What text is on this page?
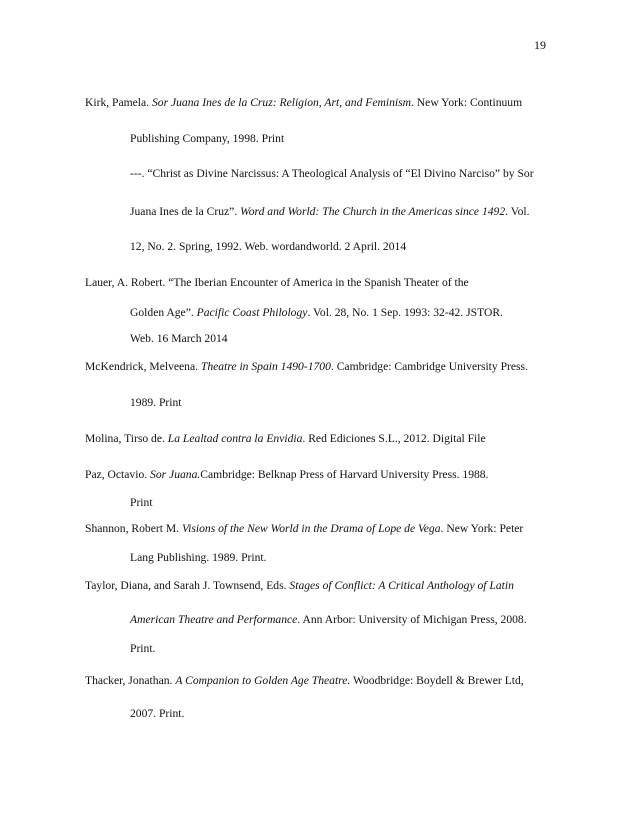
19
Kirk, Pamela. Sor Juana Ines de la Cruz: Religion, Art, and Feminism. New York: Continuum
Publishing Company, 1998. Print
---. “Christ as Divine Narcissus: A Theological Analysis of “El Divino Narciso” by Sor
Juana Ines de la Cruz”. Word and World: The Church in the Americas since 1492. Vol.
12, No. 2. Spring, 1992. Web. wordandworld. 2 April. 2014
Lauer, A. Robert. “The Iberian Encounter of America in the Spanish Theater of the
Golden Age”. Pacific Coast Philology. Vol. 28, No. 1 Sep. 1993: 32-42. JSTOR.
Web. 16 March 2014
McKendrick, Melveena. Theatre in Spain 1490-1700. Cambridge: Cambridge University Press.
1989. Print
Molina, Tirso de. La Lealtad contra la Envidia. Red Ediciones S.L., 2012. Digital File
Paz, Octavio. Sor Juana.Cambridge: Belknap Press of Harvard University Press. 1988.
Print
Shannon, Robert M. Visions of the New World in the Drama of Lope de Vega. New York: Peter
Lang Publishing. 1989. Print.
Taylor, Diana, and Sarah J. Townsend, Eds. Stages of Conflict: A Critical Anthology of Latin
American Theatre and Performance. Ann Arbor: University of Michigan Press, 2008.
Print.
Thacker, Jonathan. A Companion to Golden Age Theatre. Woodbridge: Boydell & Brewer Ltd,
2007. Print.
